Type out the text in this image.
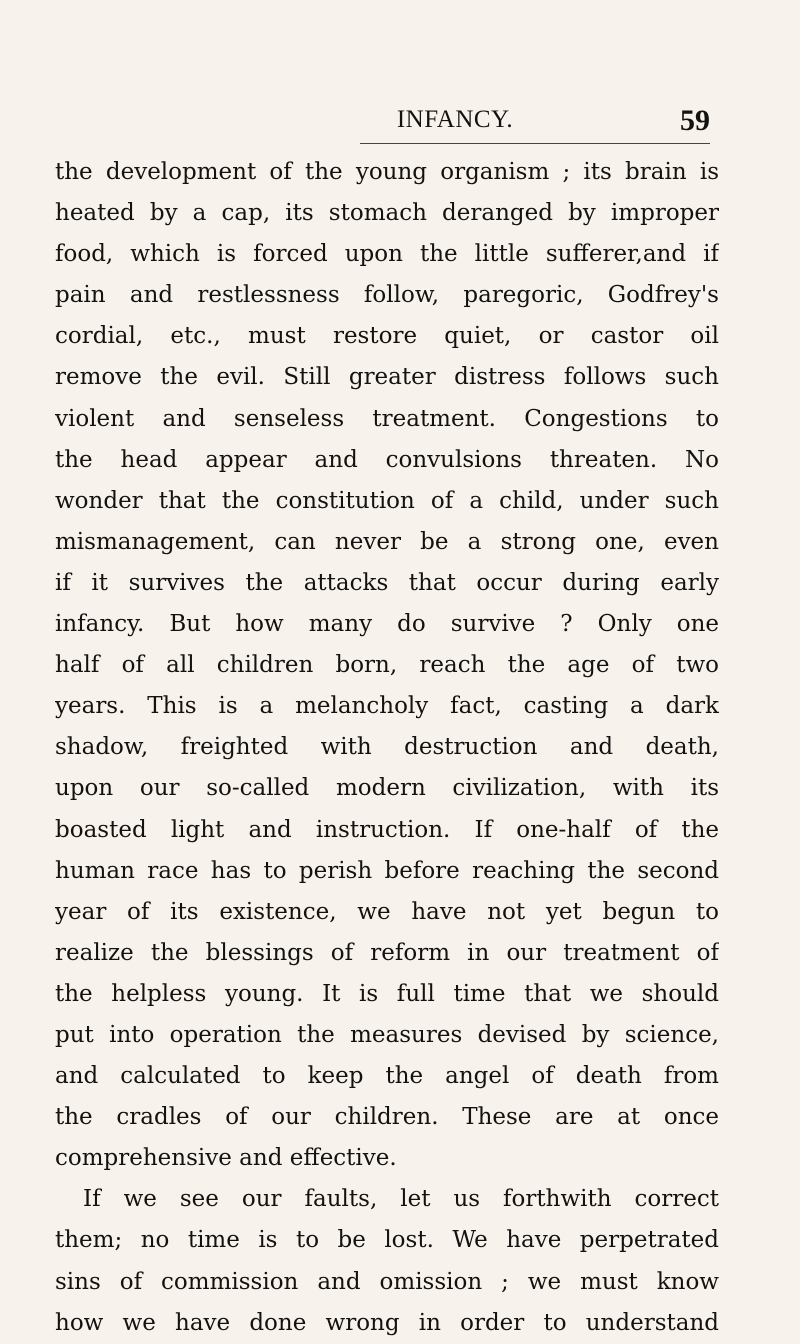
INFANCY.	59
the development of the young organism ; its brain is
heated by a cap, its stomach deranged by improper
food, which is forced upon the little sufferer,and if
pain and restlessness follow, paregoric, Godfrey's
cordial, etc., must restore quiet, or castor oil
remove the evil. Still greater distress follows such
violent and senseless treatment. Congestions to
the head appear and convulsions threaten. No
wonder that the constitution of a child, under such
mismanagement, can never be a strong one, even
if it survives the attacks that occur during early
infancy. But how many do survive ? Only one
half of all children born, reach the age of two
years. This is a melancholy fact, casting a dark
shadow, freighted with destruction and death,
upon our so-called modern civilization, with its
boasted light and instruction. If one-half of the
human race has to perish before reaching the second
year of its existence, we have not yet begun to
realize the blessings of reform in our treatment of
the helpless young. It is full time that we should
put into operation the measures devised by science,
and calculated to keep the angel of death from
the cradles of our children. These are at once
comprehensive and effective.
If we see our faults, let us forthwith correct
them; no time is to be lost. We have perpetrated
sins of commission and omission ; we must know
how we have done wrong in order to understand
